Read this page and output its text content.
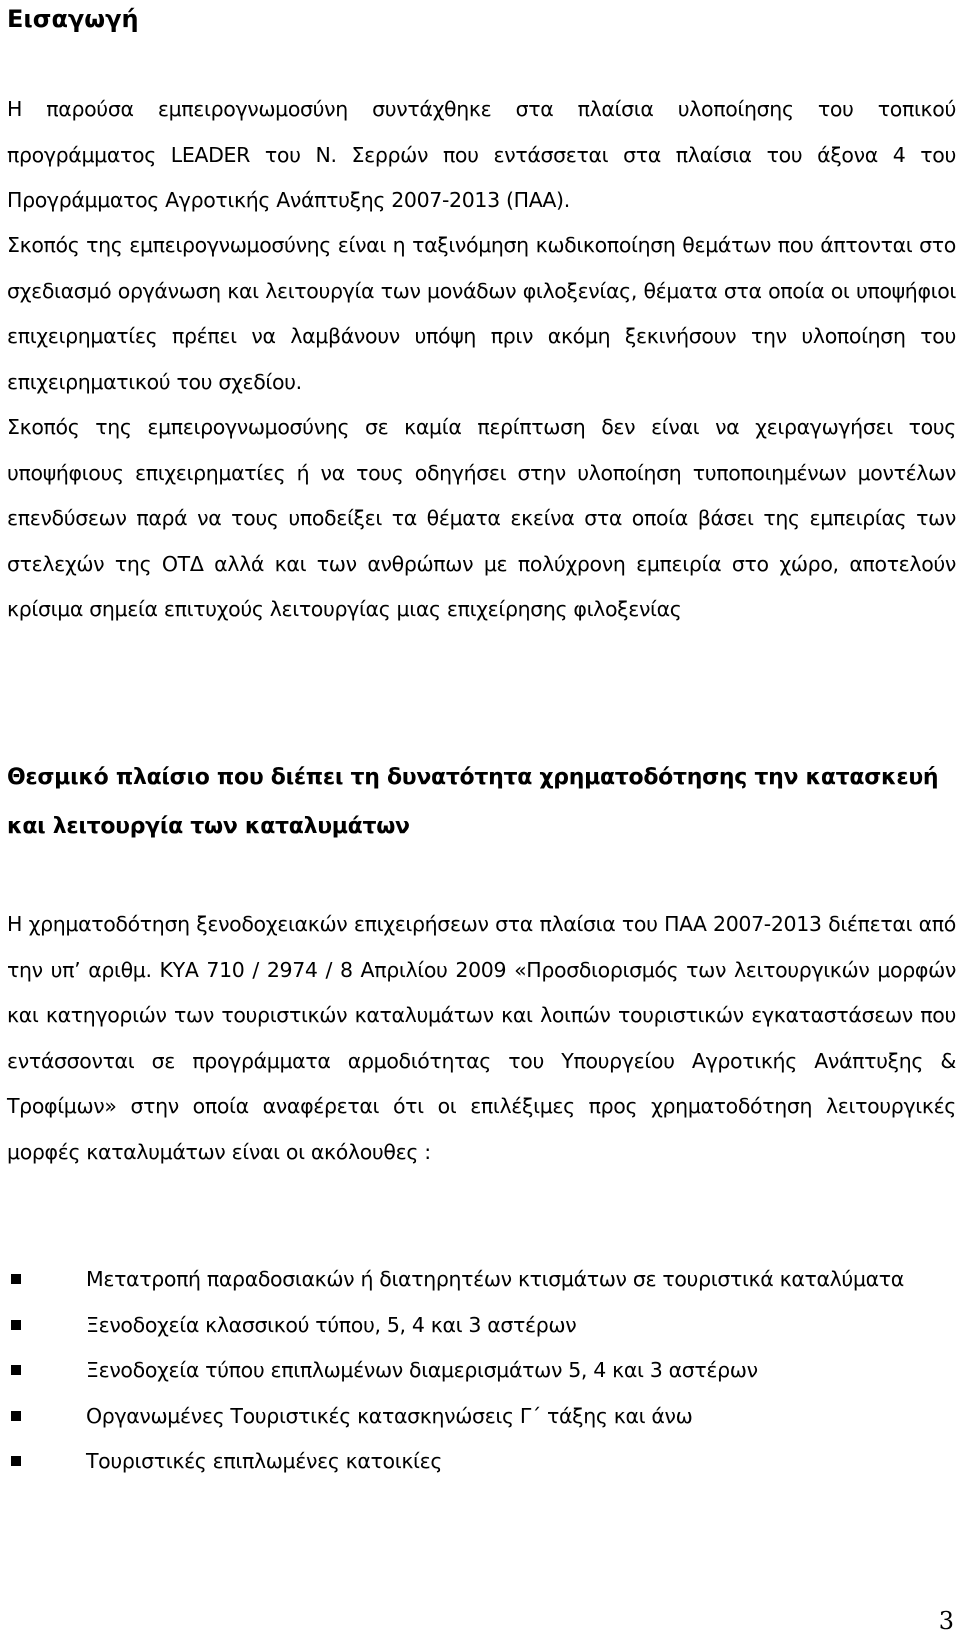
Εισαγωγή

Η παρούσα εμπειρογνωμοσύνη συντάχθηκε στα πλαίσια υλοποίησης του τοπικού προγράμματος LEADER του Ν. Σερρών που εντάσσεται στα πλαίσια του άξονα 4 του Προγράμματος Αγροτικής Ανάπτυξης 2007-2013 (ΠΑΑ).

Σκοπός της εμπειρογνωμοσύνης είναι η ταξινόμηση κωδικοποίηση θεμάτων που άπτονται στο σχεδιασμό οργάνωση και λειτουργία των μονάδων φιλοξενίας, θέματα στα οποία οι υποψήφιοι επιχειρηματίες πρέπει να λαμβάνουν υπόψη πριν ακόμη ξεκινήσουν την υλοποίηση του επιχειρηματικού του σχεδίου.

Σκοπός της εμπειρογνωμοσύνης σε καμία περίπτωση δεν είναι να χειραγωγήσει τους υποψήφιους επιχειρηματίες ή να τους οδηγήσει στην υλοποίηση τυποποιημένων μοντέλων επενδύσεων παρά να τους υποδείξει τα θέματα εκείνα στα οποία βάσει της εμπειρίας των στελεχών της ΟΤΔ αλλά και των ανθρώπων με πολύχρονη εμπειρία στο χώρο, αποτελούν κρίσιμα σημεία επιτυχούς λειτουργίας μιας επιχείρησης φιλοξενίας

Θεσμικό πλαίσιο που διέπει τη δυνατότητα χρηματοδότησης την κατασκευή και λειτουργία των καταλυμάτων

Η χρηματοδότηση ξενοδοχειακών επιχειρήσεων στα πλαίσια του ΠΑΑ 2007-2013 διέπεται από την υπ’ αριθμ. ΚΥΑ 710 / 2974 / 8 Απριλίου 2009 «Προσδιορισμός των λειτουργικών μορφών και κατηγοριών των τουριστικών καταλυμάτων και λοιπών τουριστικών εγκαταστάσεων που εντάσσονται σε προγράμματα αρμοδιότητας του Υπουργείου Αγροτικής Ανάπτυξης & Τροφίμων» στην οποία αναφέρεται ότι οι επιλέξιμες προς χρηματοδότηση λειτουργικές μορφές καταλυμάτων είναι οι ακόλουθες :

Μετατροπή παραδοσιακών ή διατηρητέων κτισμάτων σε τουριστικά καταλύματα
Ξενοδοχεία κλασσικού τύπου, 5, 4 και 3 αστέρων
Ξενοδοχεία τύπου επιπλωμένων διαμερισμάτων 5, 4 και 3 αστέρων
Οργανωμένες Τουριστικές κατασκηνώσεις Γ΄ τάξης και άνω
Τουριστικές επιπλωμένες κατοικίες
3
